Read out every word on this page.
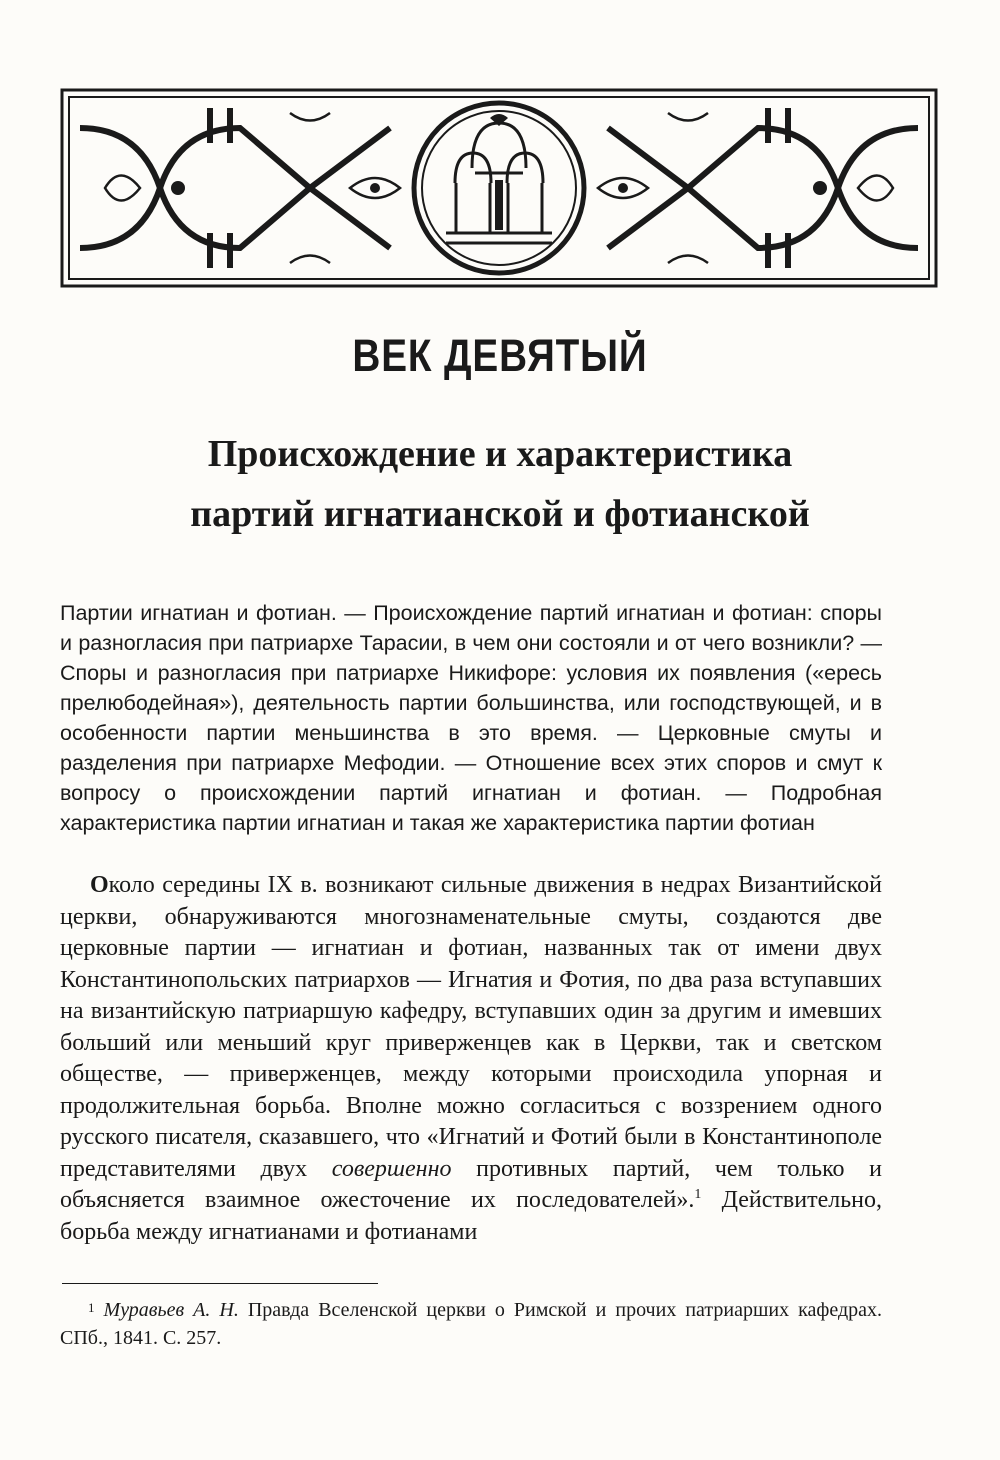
ВЕК ДЕВЯТЫЙ
Происхождение и характеристика
партий игнатианской и фотианской
Партии игнатиан и фотиан. — Происхождение партий игнатиан и фотиан: споры и разногласия при патриархе Тарасии, в чем они состояли и от чего возникли? — Споры и разногласия при патриархе Никифоре: условия их появления («ересь прелюбодейная»), деятельность партии большинства, или господствующей, и в особенности партии меньшинства в это время. — Церковные смуты и разделения при патриархе Мефодии. — Отношение всех этих споров и смут к вопросу о происхождении партий игнатиан и фотиан. — Подробная характеристика партии игнатиан и такая же характеристика партии фотиан
Около середины IX в. возникают сильные движения в недрах Византийской церкви, обнаруживаются многознаменательные смуты, создаются две церковные партии — игнатиан и фотиан, названных так от имени двух Константинопольских патриархов — Игнатия и Фотия, по два раза вступавших на византийскую патриаршую кафедру, вступавших один за другим и имевших больший или меньший круг приверженцев как в Церкви, так и светском обществе, — приверженцев, между которыми происходила упорная и продолжительная борьба. Вполне можно согласиться с воззрением одного русского писателя, сказавшего, что «Игнатий и Фотий были в Константинополе представителями двух совершенно противных партий, чем только и объясняется взаимное ожесточение их последователей».$^1$ Действительно, борьба между игнатианами и фотианами
$^1$ Муравьев А. Н. Правда Вселенской церкви о Римской и прочих патриарших кафедрах. СПб., 1841. С. 257.
